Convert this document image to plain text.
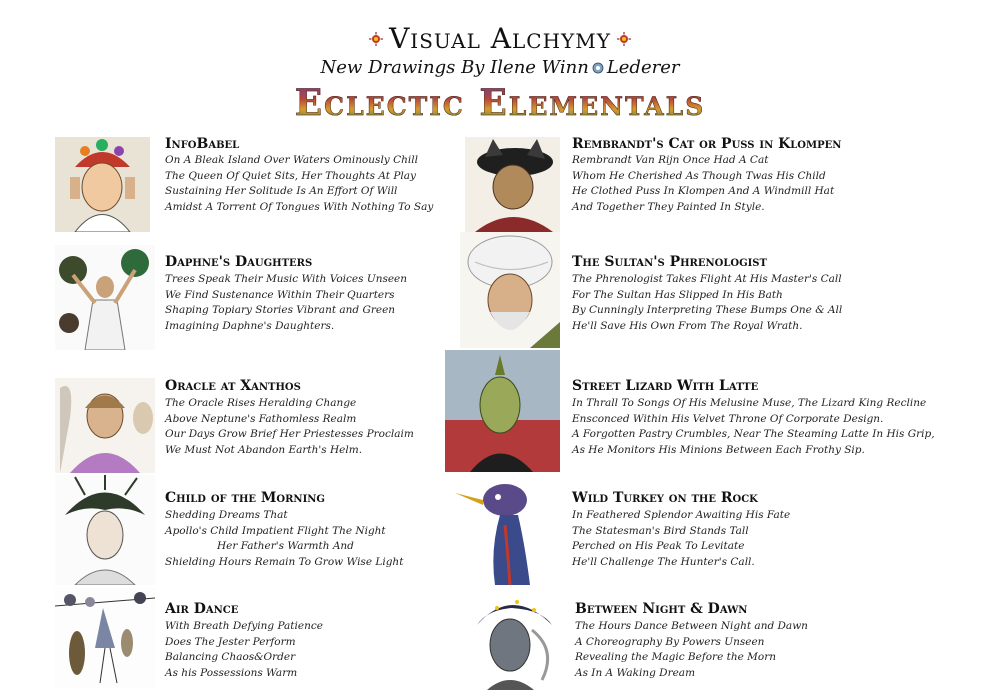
Visual Alchymy
New Drawings By Ilene Winn Lederer
Eclectic Elementals
InfoBabel
On A Bleak Island Over Waters Ominously Chill
The Queen Of Quiet Sits, Her Thoughts At Play
Sustaining Her Solitude Is An Effort Of Will
Amidst A Torrent Of Tongues With Nothing To Say
Daphne's Daughters
Trees Speak Their Music With Voices Unseen
We Find Sustenance Within Their Quarters
Shaping Topiary Stories Vibrant and Green
Imagining Daphne's Daughters.
Oracle at Xanthos
The Oracle Rises Heralding Change
Above Neptune's Fathomless Realm
Our Days Grow Brief Her Priestesses Proclaim
We Must Not Abandon Earth's Helm.
Child of the Morning
Shedding Dreams That
Apollo's Child Impatient Flight The Night
Her Father's Warmth And
Shielding Hours Remain To Grow Wise Light
Air Dance
With Breath Defying Patience
Does The Jester Perform
Balancing Chaos&Order
As his Possessions Warm
Rembrandt's Cat or Puss in Klompen
Rembrandt Van Rijn Once Had A Cat
Whom He Cherished As Though Twas His Child
He Clothed Puss In Klompen And A Windmill Hat
And Together They Painted In Style.
The Sultan's Phrenologist
The Phrenologist Takes Flight At His Master's Call
For The Sultan Has Slipped In His Bath
By Cunningly Interpreting These Bumps One & All
He'll Save His Own From The Royal Wrath.
Street Lizard With Latte
In Thrall To Songs Of His Melusine Muse, The Lizard King Recline
Ensconced Within His Velvet Throne Of Corporate Design.
A Forgotten Pastry Crumbles, Near The Steaming Latte In His Grip,
As He Monitors His Minions Between Each Frothy Sip.
Wild Turkey on the Rock
In Feathered Splendor Awaiting His Fate
The Statesman's Bird Stands Tall
Perched on His Peak To Levitate
He'll Challenge The Hunter's Call.
Between Night & Dawn
The Hours Dance Between Night and Dawn
A Choreography By Powers Unseen
Revealing the Magic Before the Morn
As In A Waking Dream
